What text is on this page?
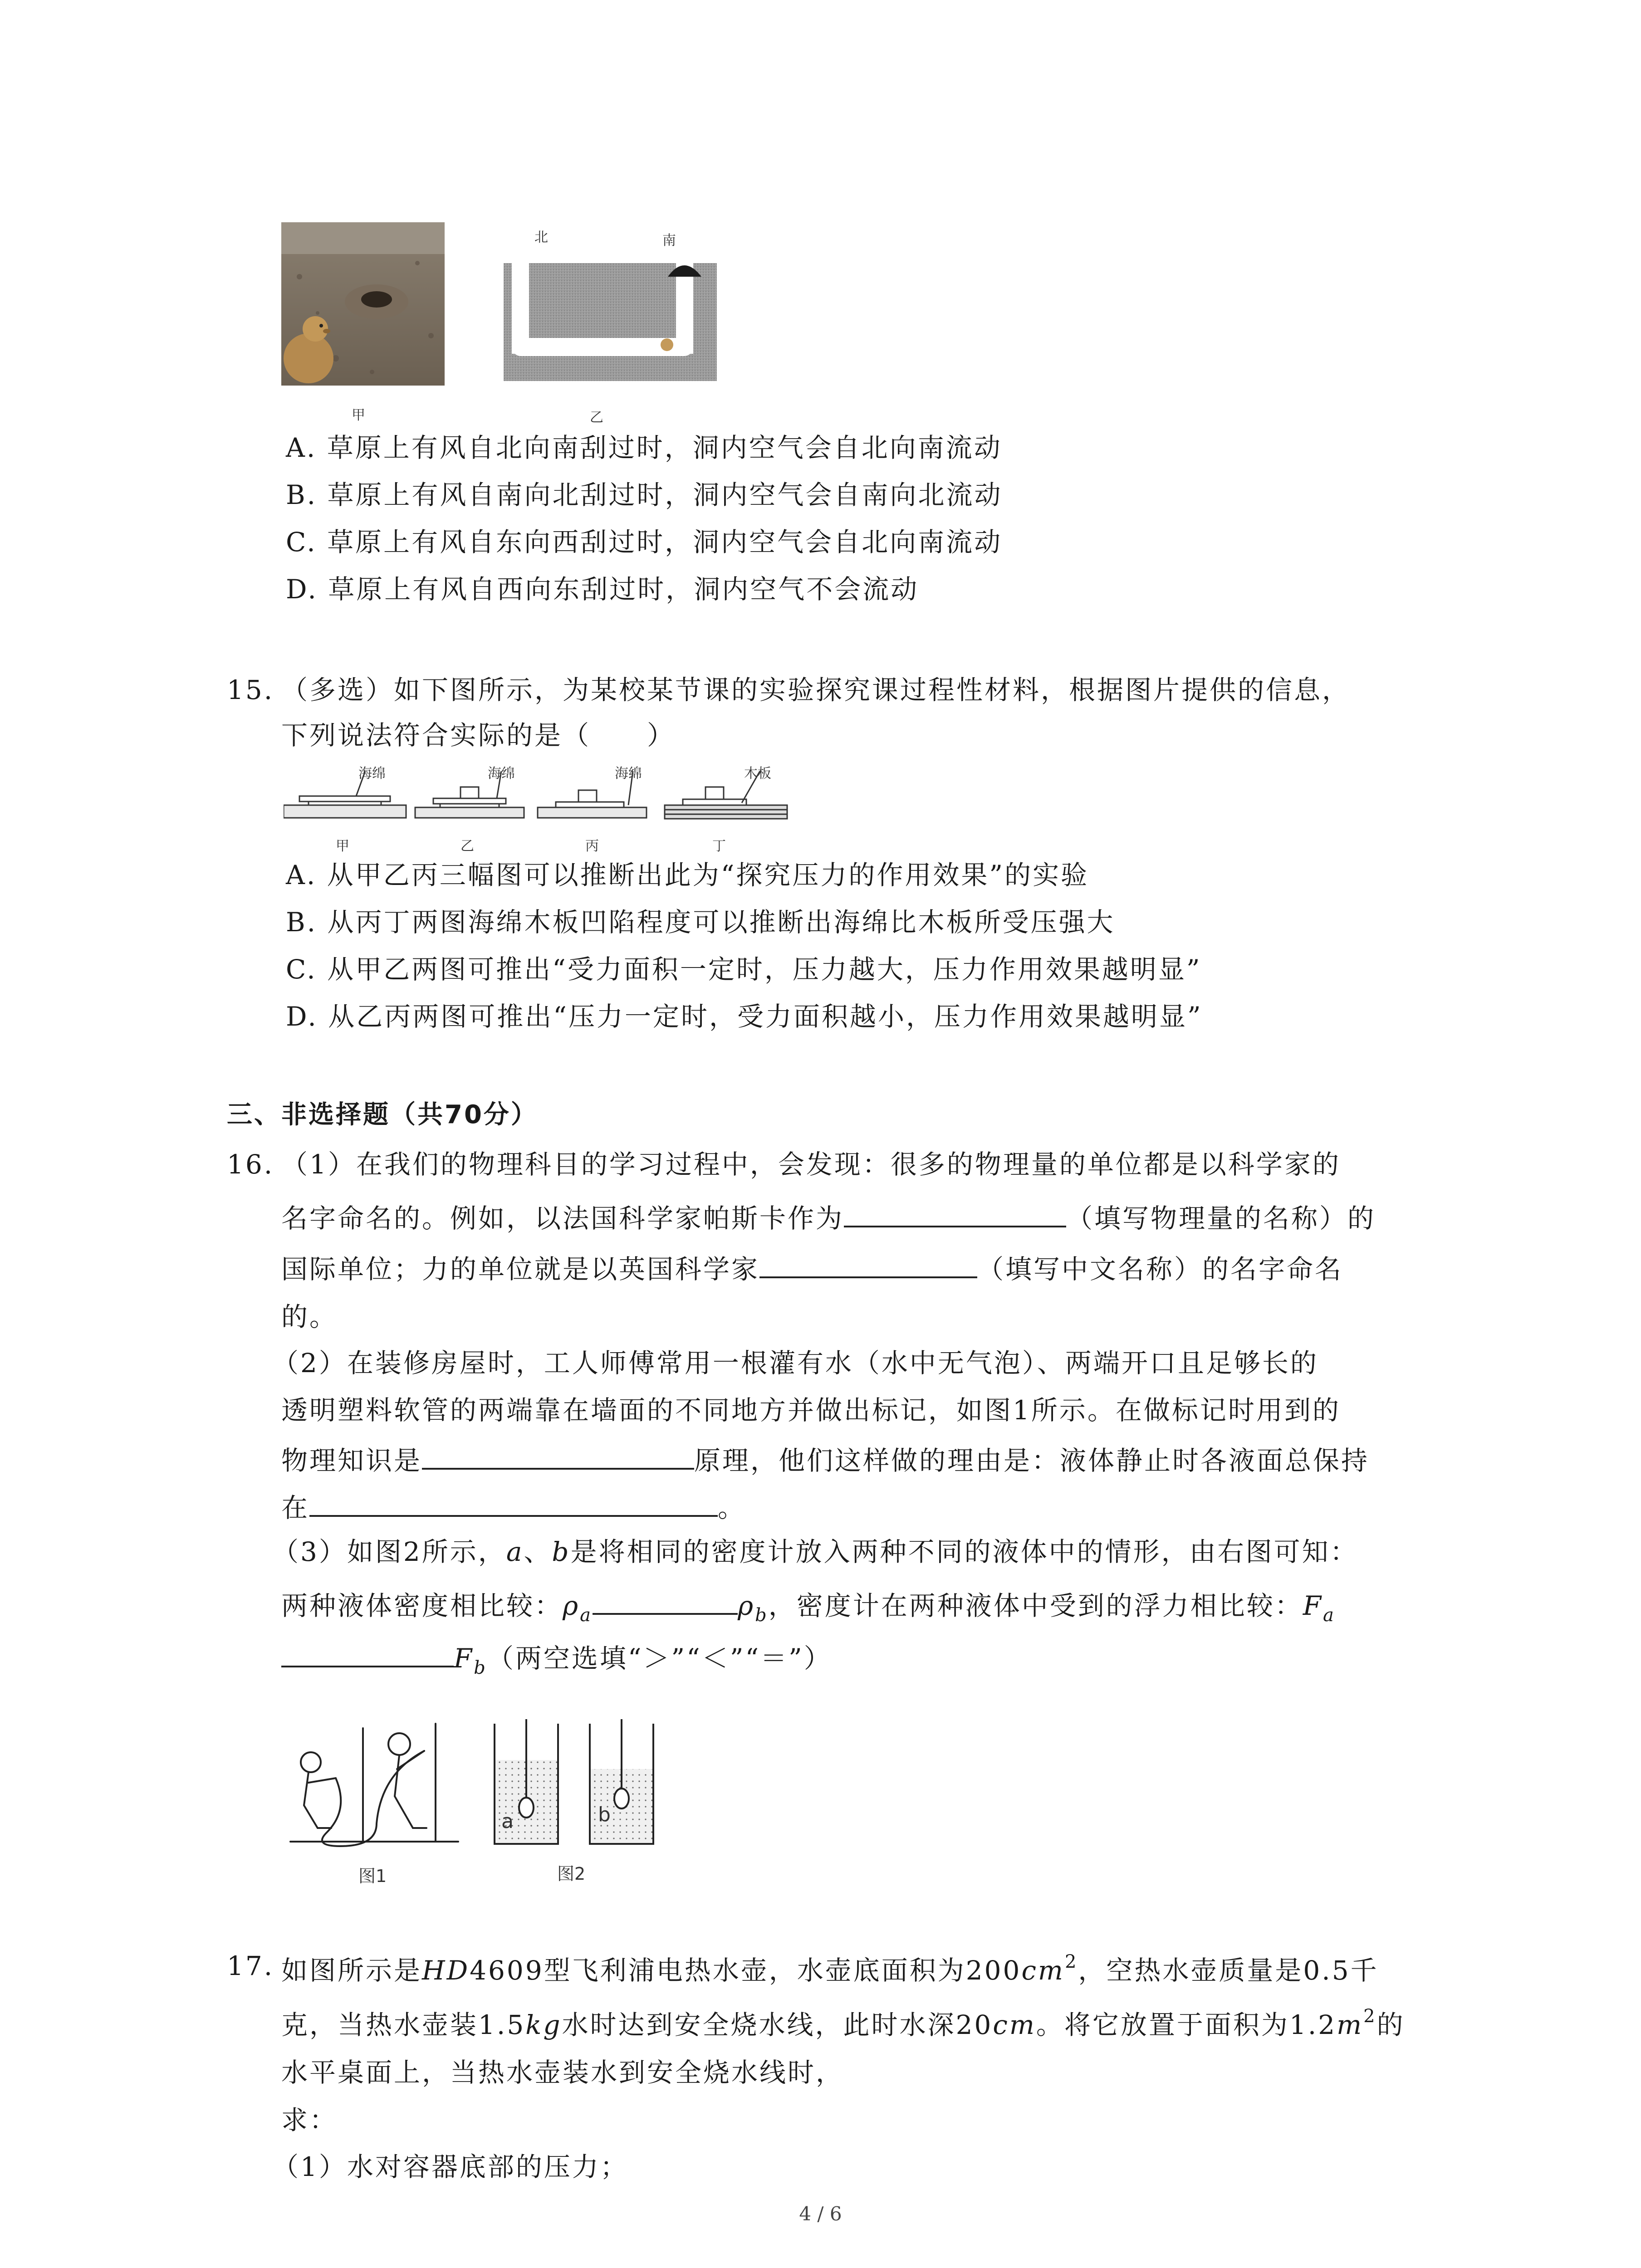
甲
北	南
乙
A. 草原上有风自北向南刮过时，洞内空气会自北向南流动
B. 草原上有风自南向北刮过时，洞内空气会自南向北流动
C. 草原上有风自东向西刮过时，洞内空气会自北向南流动
D. 草原上有风自西向东刮过时，洞内空气不会流动
15. （多选）如下图所示，为某校某节课的实验探究课过程性材料，根据图片提供的信息，
下列说法符合实际的是（　　）
海绵	海绵	海绵	木板
甲	乙	丙	丁
A. 从甲乙丙三幅图可以推断出此为“探究压力的作用效果”的实验
B. 从丙丁两图海绵木板凹陷程度可以推断出海绵比木板所受压强大
C. 从甲乙两图可推出“受力面积一定时，压力越大，压力作用效果越明显”
D. 从乙丙两图可推出“压力一定时，受力面积越小，压力作用效果越明显”
三、非选择题（共70分）
16. （1）在我们的物理科目的学习过程中，会发现：很多的物理量的单位都是以科学家的
名字命名的。例如，以法国科学家帕斯卡作为	（填写物理量的名称）的
国际单位；力的单位就是以英国科学家	（填写中文名称）的名字命名
的。
（2）在装修房屋时，工人师傅常用一根灌有水（水中无气泡）、两端开口且足够长的
透明塑料软管的两端靠在墙面的不同地方并做出标记，如图1所示。在做标记时用到的
物理知识是	原理，他们这样做的理由是：液体静止时各液面总保持
在	。
（3）如图2所示，a、b是将相同的密度计放入两种不同的液体中的情形，由右图可知：
两种液体密度相比较：$\rho_a$	$\rho_b$，密度计在两种液体中受到的浮力相比较：$F_a$
$F_b$（两空选填“＞”“＜”“＝”）
图1
a	b
图2
17. 如图所示是HD4609型飞利浦电热水壶，水壶底面积为$200cm^2$，空热水壶质量是0.5千
克，当热水壶装1.5kg水时达到安全烧水线，此时水深20cm。将它放置于面积为$1.2m^2$的
水平桌面上，当热水壶装水到安全烧水线时，
求：
（1）水对容器底部的压力；
4 / 6
